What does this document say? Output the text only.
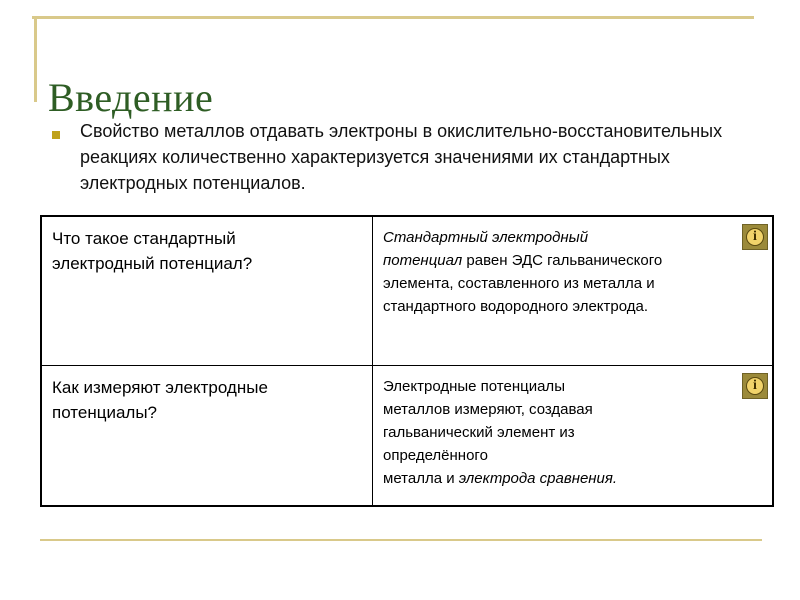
Введение
Свойство металлов отдавать электроны в окислительно-восстановительных реакциях количественно характеризуется значениями их стандартных электродных потенциалов.
Что такое стандартный
электродный потенциал?
Стандартный электродный
потенциал равен ЭДС гальванического
элемента, составленного из металла и
стандартного водородного электрода.
i
Как измеряют электродные
потенциалы?
Электродные потенциалы
металлов измеряют, создавая
гальванический элемент из
определённого
металла и электрода сравнения.
i
